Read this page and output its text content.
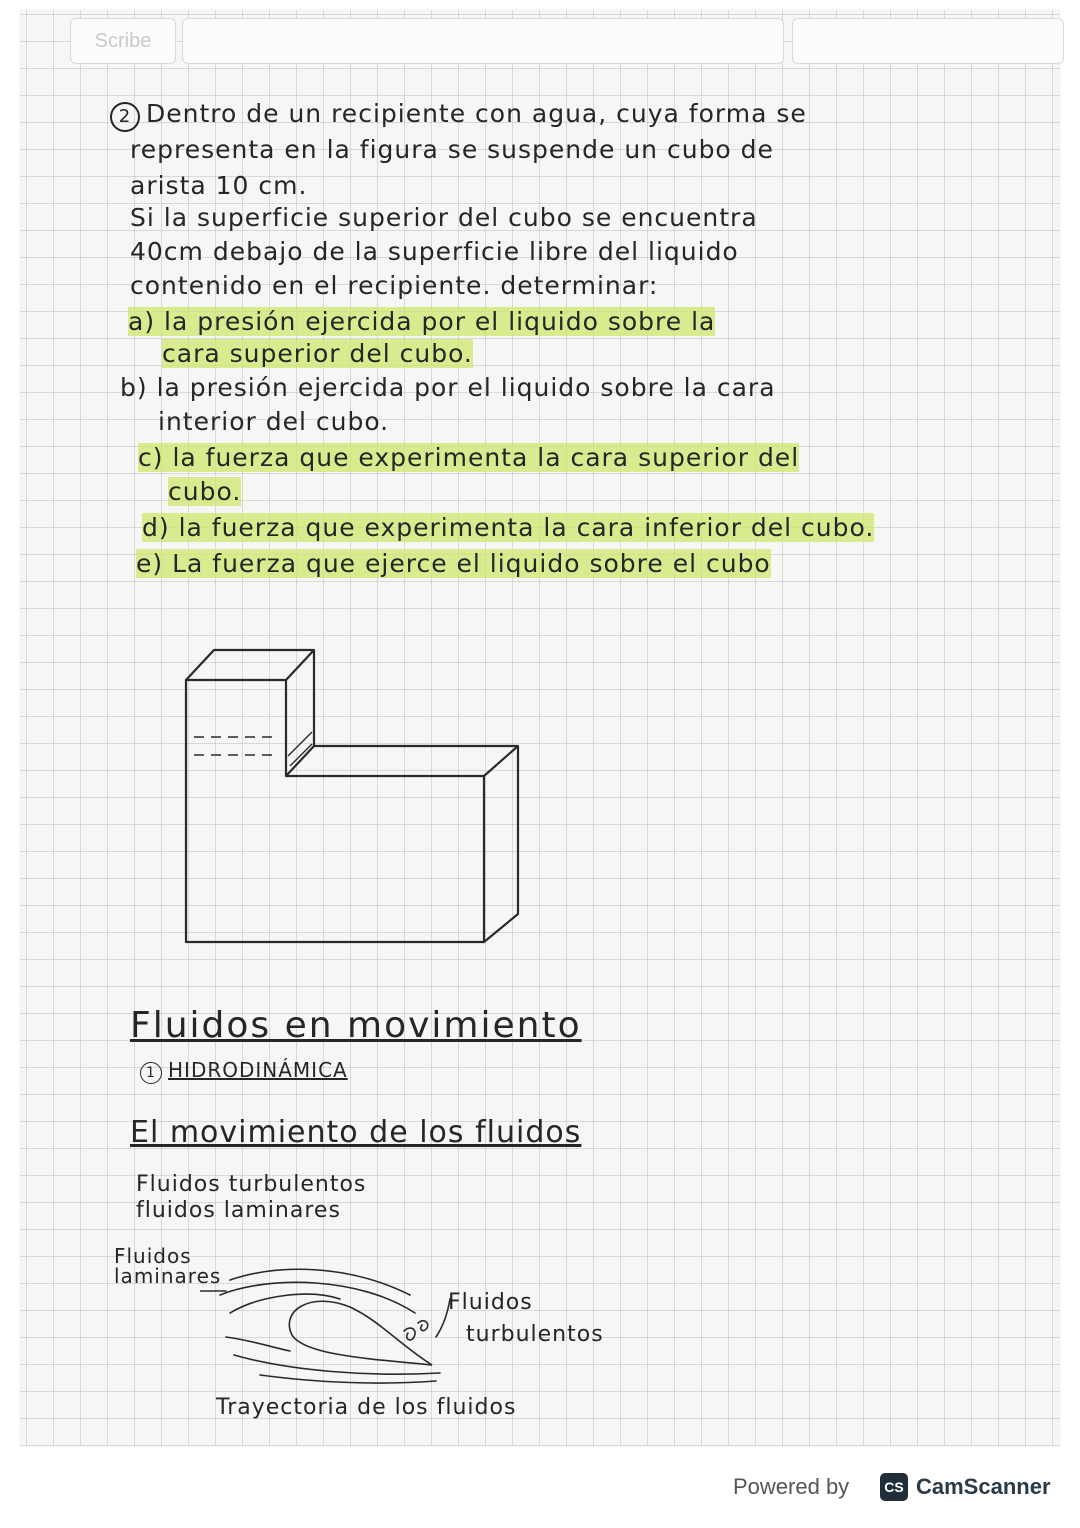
Scribe

2 Dentro de un recipiente con agua, cuya forma se

representa en la figura se suspende un cubo de

arista 10 cm.

Si la superficie superior del cubo se encuentra

40cm debajo de la superficie libre del liquido

contenido en el recipiente. determinar:

a) la presión ejercida por el liquido sobre la

cara superior del cubo.

b) la presión ejercida por el liquido sobre la cara

interior del cubo.

c) la fuerza que experimenta la cara superior del

cubo.

d) la fuerza que experimenta la cara inferior del cubo.

e) La fuerza que ejerce el liquido sobre el cubo

Fluidos en movimiento

1 HIDRODINÁMICA

El movimiento de los fluidos

Fluidos turbulentos

fluidos laminares

Fluidos

laminares

Fluidos

turbulentos

Trayectoria de los fluidos

Powered by	CS CamScanner
